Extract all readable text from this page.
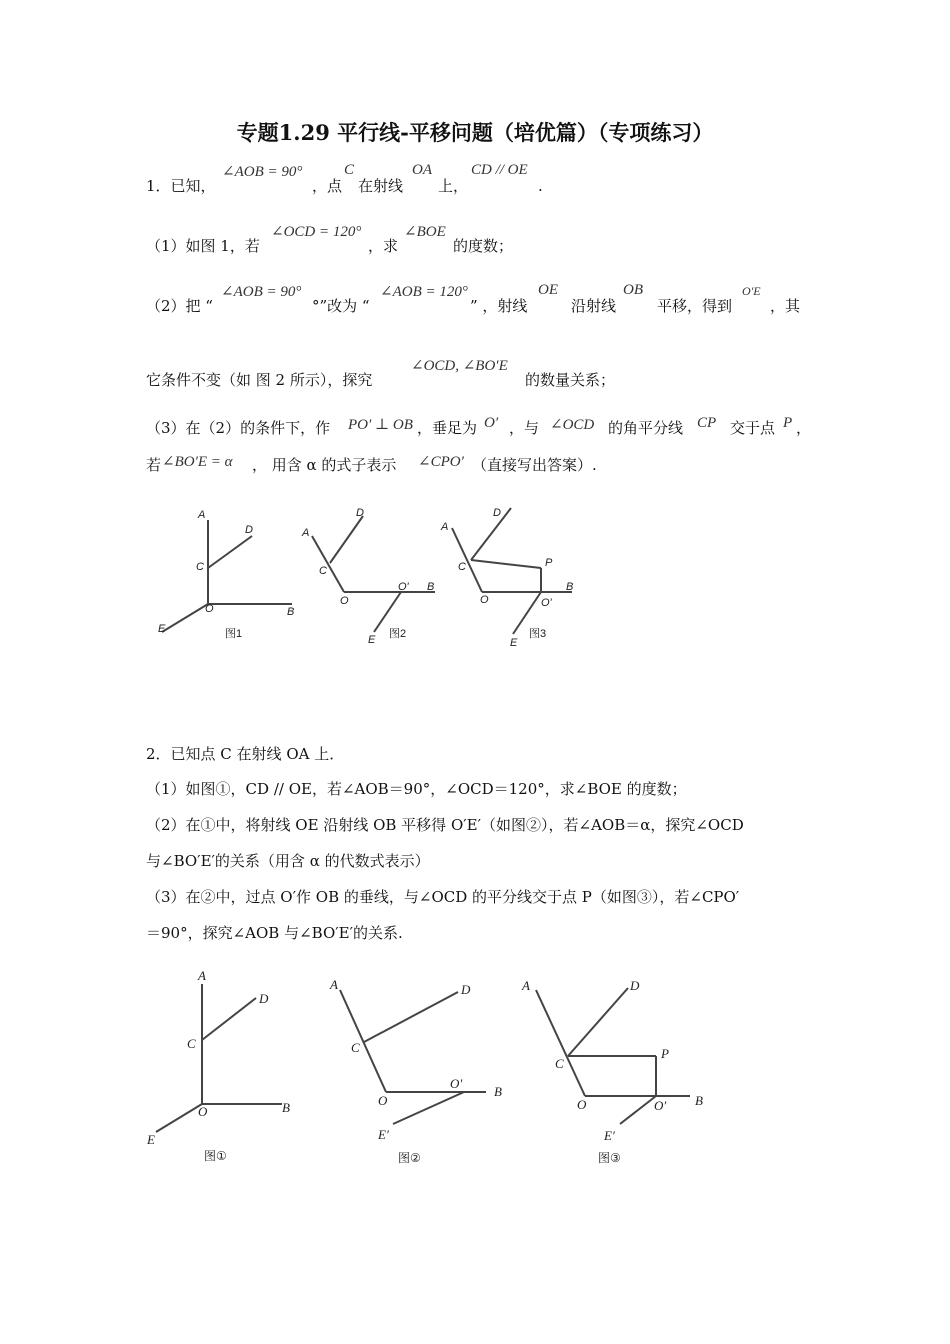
专题1.29 平行线-平移问题（培优篇）（专项练习）
1．已知，
∠AOB = 90°
，点
C
在射线
OA
上，
CD // OE
.
（1）如图 1，若
∠OCD = 120°
，求
∠BOE
的度数；
（2）把 “
∠AOB = 90°
°”改为 “
∠AOB = 120°
” ，射线
OE
沿射线
OB
平移，得到
O′E
，其
它条件不变（如 图 2 所示），探究
∠OCD, ∠BO′E
的数量关系；
（3）在（2）的条件下，作 PO′ ⊥ OB ，垂足为 O′ ，与 ∠OCD 的角平分线 CP 交于点 P ，
若 ∠BO′E = α ， 用含 α 的式子表示 ∠CPO′ （直接写出答案）.
A
D
C
O	B
E	图1
A
D
C
O
O' B
E 图2
A
D
C	P
O	O'
B
E
图3
2．已知点 C 在射线 OA 上．
（1）如图①，CD // OE，若∠AOB＝90°，∠OCD＝120°，求∠BOE 的度数；
（2）在①中，将射线 OE 沿射线 OB 平移得 O′E′（如图②），若∠AOB＝α，探究∠OCD
与∠BO′E′的关系（用含 α 的代数式表示）
（3）在②中，过点 O′作 OB 的垂线，与∠OCD 的平分线交于点 P（如图③），若∠CPO′
＝90°，探究∠AOB 与∠BO′E′的关系.
A
D
C
O	B
E
图①
A	D
C
O
O′
B
E′
图②
A	D
C
P
O	O′ B
E′
图③
